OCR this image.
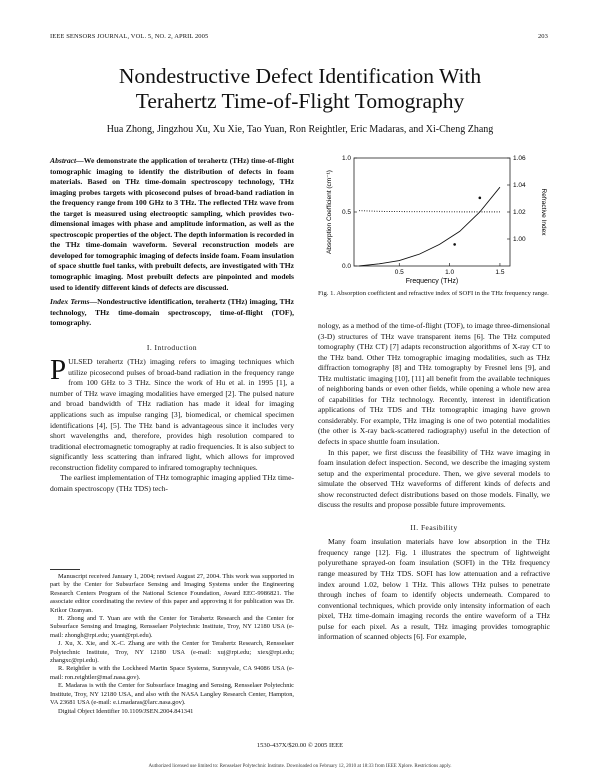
IEEE SENSORS JOURNAL, VOL. 5, NO. 2, APRIL 2005	203
Nondestructive Defect Identification With
Terahertz Time-of-Flight Tomography
Hua Zhong, Jingzhou Xu, Xu Xie, Tao Yuan, Ron Reightler, Eric Madaras, and Xi-Cheng Zhang

Abstract—We demonstrate the application of terahertz (THz) time-of-flight tomographic imaging to identify the distribution of defects in foam materials. Based on THz time-domain spectroscopy technology, THz imaging probes targets with picosecond pulses of broad-band radiation in the frequency range from 100 GHz to 3 THz. The reflected THz wave from the target is measured using electrooptic sampling, which provides two-dimensional images with phase and amplitude information, as well as the spectroscopic properties of the object. The depth information is recorded in the THz time-domain waveform. Several reconstruction models are developed for tomographic imaging of defects inside foam. Foam insulation of space shuttle fuel tanks, with prebuilt defects, are investigated with THz tomographic imaging. Most prebuilt defects are pinpointed and models used to identify different kinds of defects are discussed.

Index Terms—Nondestructive identification, terahertz (THz) imaging, THz technology, THz time-domain spectroscopy, time-of-flight (TOF), tomography.

I. Introduction

PULSED terahertz (THz) imaging refers to imaging techniques which utilize picosecond pulses of broad-band radiation in the frequency range from 100 GHz to 3 THz. Since the work of Hu et al. in 1995 [1], a number of THz wave imaging modalities have emerged [2]. The pulsed nature and broad bandwidth of THz radiation has made it ideal for imaging applications such as impulse ranging [3], biomedical, or chemical specimen identifications [4], [5]. The THz band is advantageous since it includes very short wavelengths and, therefore, provides high resolution compared to traditional electromagnetic tomography at radio frequencies. It is also subject to significantly less scattering than infrared light, which allows for improved reconstruction fidelity compared to infrared tomography techniques.

The earliest implementation of THz tomographic imaging applied THz time-domain spectroscopy (THz TDS) tech-

Manuscript received January 1, 2004; revised August 27, 2004. This work was supported in part by the Center for Subsurface Sensing and Imaging Systems under the Engineering Research Centers Program of the National Science Foundation, Award EEC-9986821. The associate editor coordinating the review of this paper and approving it for publication was Dr. Krikor Ozanyan.

H. Zhong and T. Yuan are with the Center for Terahertz Research and the Center for Subsurface Sensing and Imaging, Rensselaer Polytechnic Institute, Troy, NY 12180 USA (e-mail: zhongh@rpi.edu; yuant@rpi.edu).

J. Xu, X. Xie, and X.-C. Zhang are with the Center for Terahertz Research, Rensselaer Polytechnic Institute, Troy, NY 12180 USA (e-mail: xuj@rpi.edu; xiex@rpi.edu; zhangxc@rpi.edu).

R. Reightler is with the Lockheed Martin Space Systems, Sunnyvale, CA 94086 USA (e-mail: ron.reightler@maf.nasa.gov).

E. Madaras is with the Center for Subsurface Imaging and Sensing, Rensselaer Polytechnic Institute, Troy, NY 12180 USA, and also with the NASA Langley Research Center, Hampton, VA 23681 USA (e-mail: e.i.madaras@larc.nasa.gov).

Digital Object Identifier 10.1109/JSEN.2004.841341

Absorption Coefficient (cm⁻¹)	Refractive Index
Frequency (THz)
0.5	1.0	1.5
0.0
0.5
1.0
1.00
1.02
1.04
1.06
Fig. 1. Absorption coefficient and refractive index of SOFI in the THz frequency range.

nology, as a method of the time-of-flight (TOF), to image three-dimensional (3-D) structures of THz wave transparent items [6]. The THz computed tomography (THz CT) [7] adapts reconstruction algorithms of X-ray CT to the THz band. Other THz tomographic imaging modalities, such as THz diffraction tomography [8] and THz tomography by Fresnel lens [9], and THz multistatic imaging [10], [11] all benefit from the available techniques of neighboring bands or even other fields, while opening a whole new area of capabilities for THz technology. Recently, interest in identification applications of THz TDS and THz tomographic imaging have grown considerably. For example, THz imaging is one of two potential modalities (the other is X-ray back-scattered radiography) useful in the detection of defects in space shuttle foam insulation.

In this paper, we first discuss the feasibility of THz wave imaging in foam insulation defect inspection. Second, we describe the imaging system setup and the experimental procedure. Then, we give several models to simulate the observed THz waveforms of different kinds of defects and show reconstructed defect distributions based on those models. Finally, we discuss the results and propose possible future improvements.

II. Feasibility

Many foam insulation materials have low absorption in the THz frequency range [12]. Fig. 1 illustrates the spectrum of lightweight polyurethane sprayed-on foam insulation (SOFI) in the THz frequency range measured by THz TDS. SOFI has low attenuation and a refractive index around 1.02, below 1 THz. This allows THz pulses to penetrate through inches of foam to identify objects underneath. Compared to conventional techniques, which provide only intensity information of each pixel, THz time-domain imaging records the entire waveform of a THz pulse for each pixel. As a result, THz imaging provides tomographic information of scanned objects [6]. For example,

1530-437X/$20.00 © 2005 IEEE
Authorized licensed use limited to: Rensselaer Polytechnic Institute. Downloaded on February 12, 2010 at 18:33 from IEEE Xplore. Restrictions apply.
